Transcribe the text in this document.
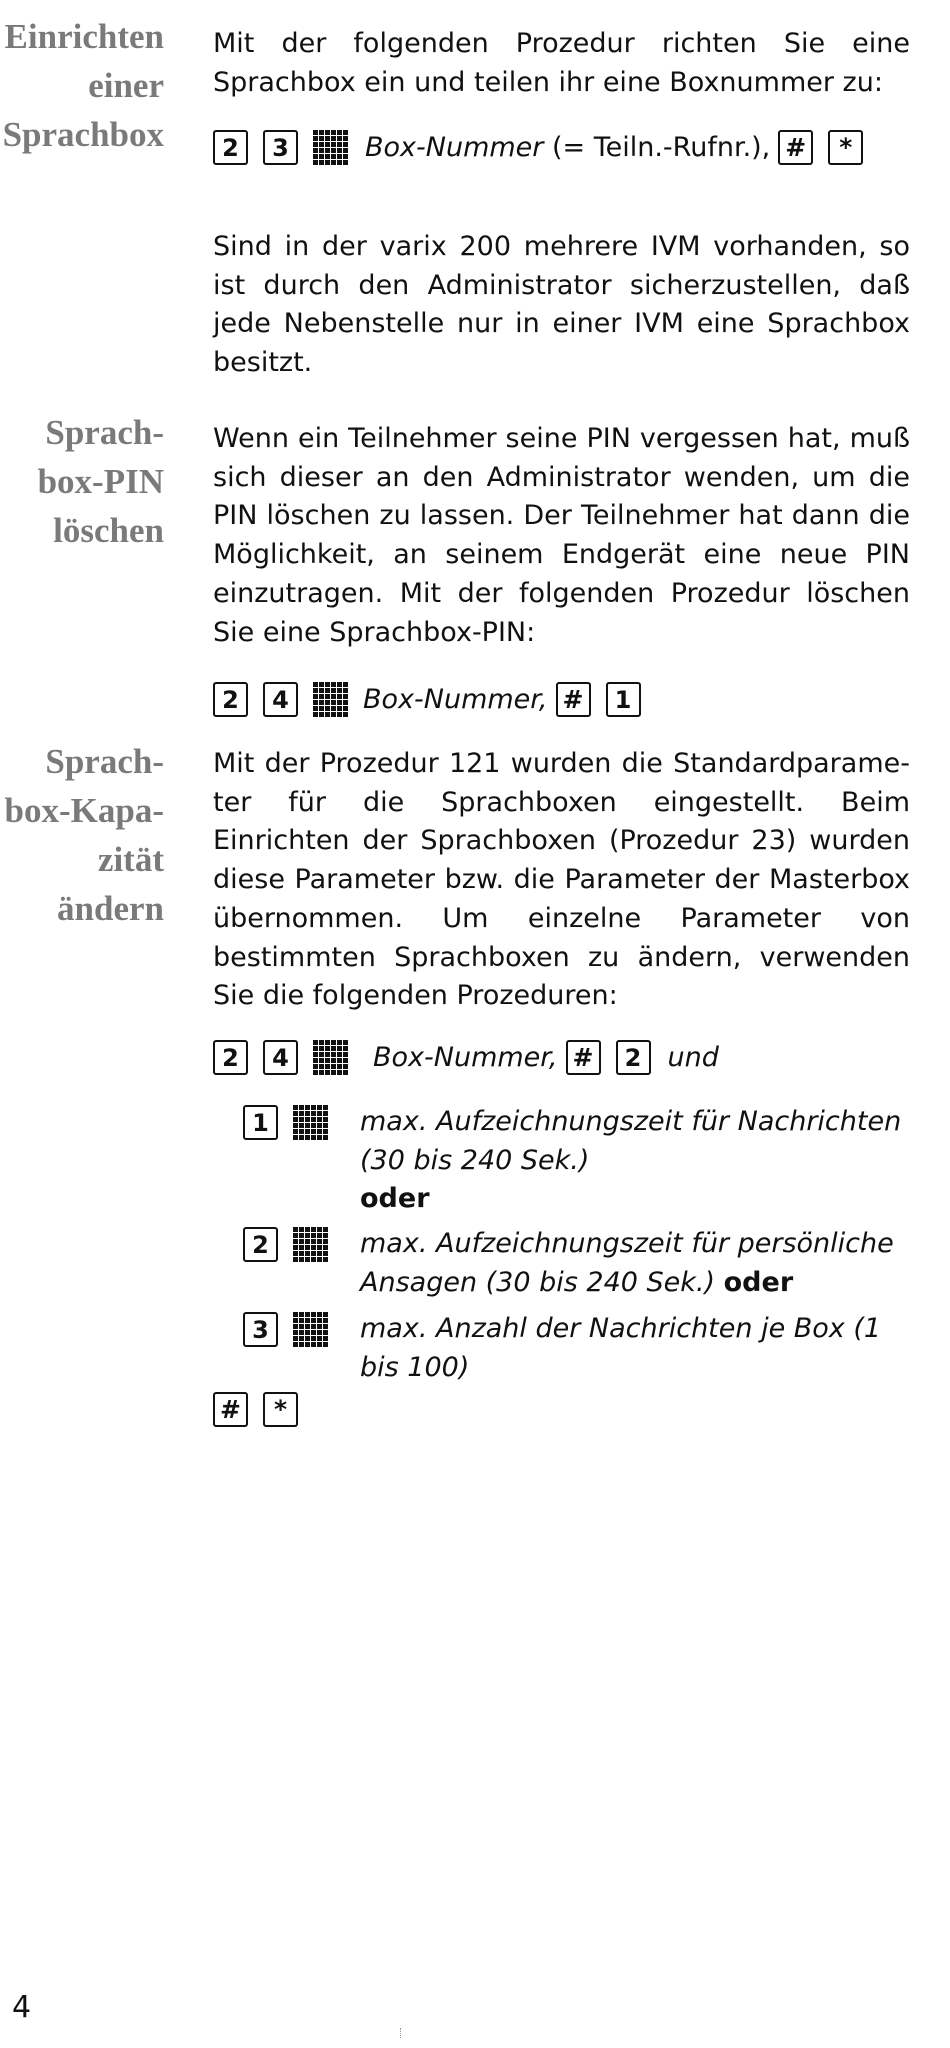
Einrichten
einer
Sprachbox

Mit der folgenden Prozedur richten Sie eine Sprachbox ein und teilen ihr eine Boxnummer zu:

2	3	Box-Nummer (= Teiln.-Rufnr.), #	*

Sind in der varix 200 mehrere IVM vorhanden, so ist durch den Administrator sicherzustellen, daß jede Nebenstelle nur in einer IVM eine Sprachbox besitzt.

Sprach-
box-PIN
löschen

Wenn ein Teilnehmer seine PIN vergessen hat, muß sich dieser an den Administrator wenden, um die PIN löschen zu lassen. Der Teilnehmer hat dann die Möglichkeit, an seinem Endgerät eine neue PIN einzutragen. Mit der folgenden Prozedur löschen Sie eine Sprachbox-PIN:

2	4	Box-Nummer, #	1
Sprach-
box-Kapa-
zität
ändern

Mit der Prozedur 121 wurden die Standardparameter für die Sprachboxen eingestellt. Beim Einrichten der Sprachboxen (Prozedur 23) wurden diese Parameter bzw. die Parameter der Masterbox übernommen. Um einzelne Parameter von bestimmten Sprachboxen zu ändern, verwenden Sie die folgenden Prozeduren:

2	4	Box-Nummer, #	2 und
1	max. Aufzeichnungszeit für Nachrichten (30 bis 240 Sek.)
oder
2	max. Aufzeichnungszeit für persönliche Ansagen (30 bis 240 Sek.) oder
3	max. Anzahl der Nachrichten je Box (1 bis 100)
#	*
4
